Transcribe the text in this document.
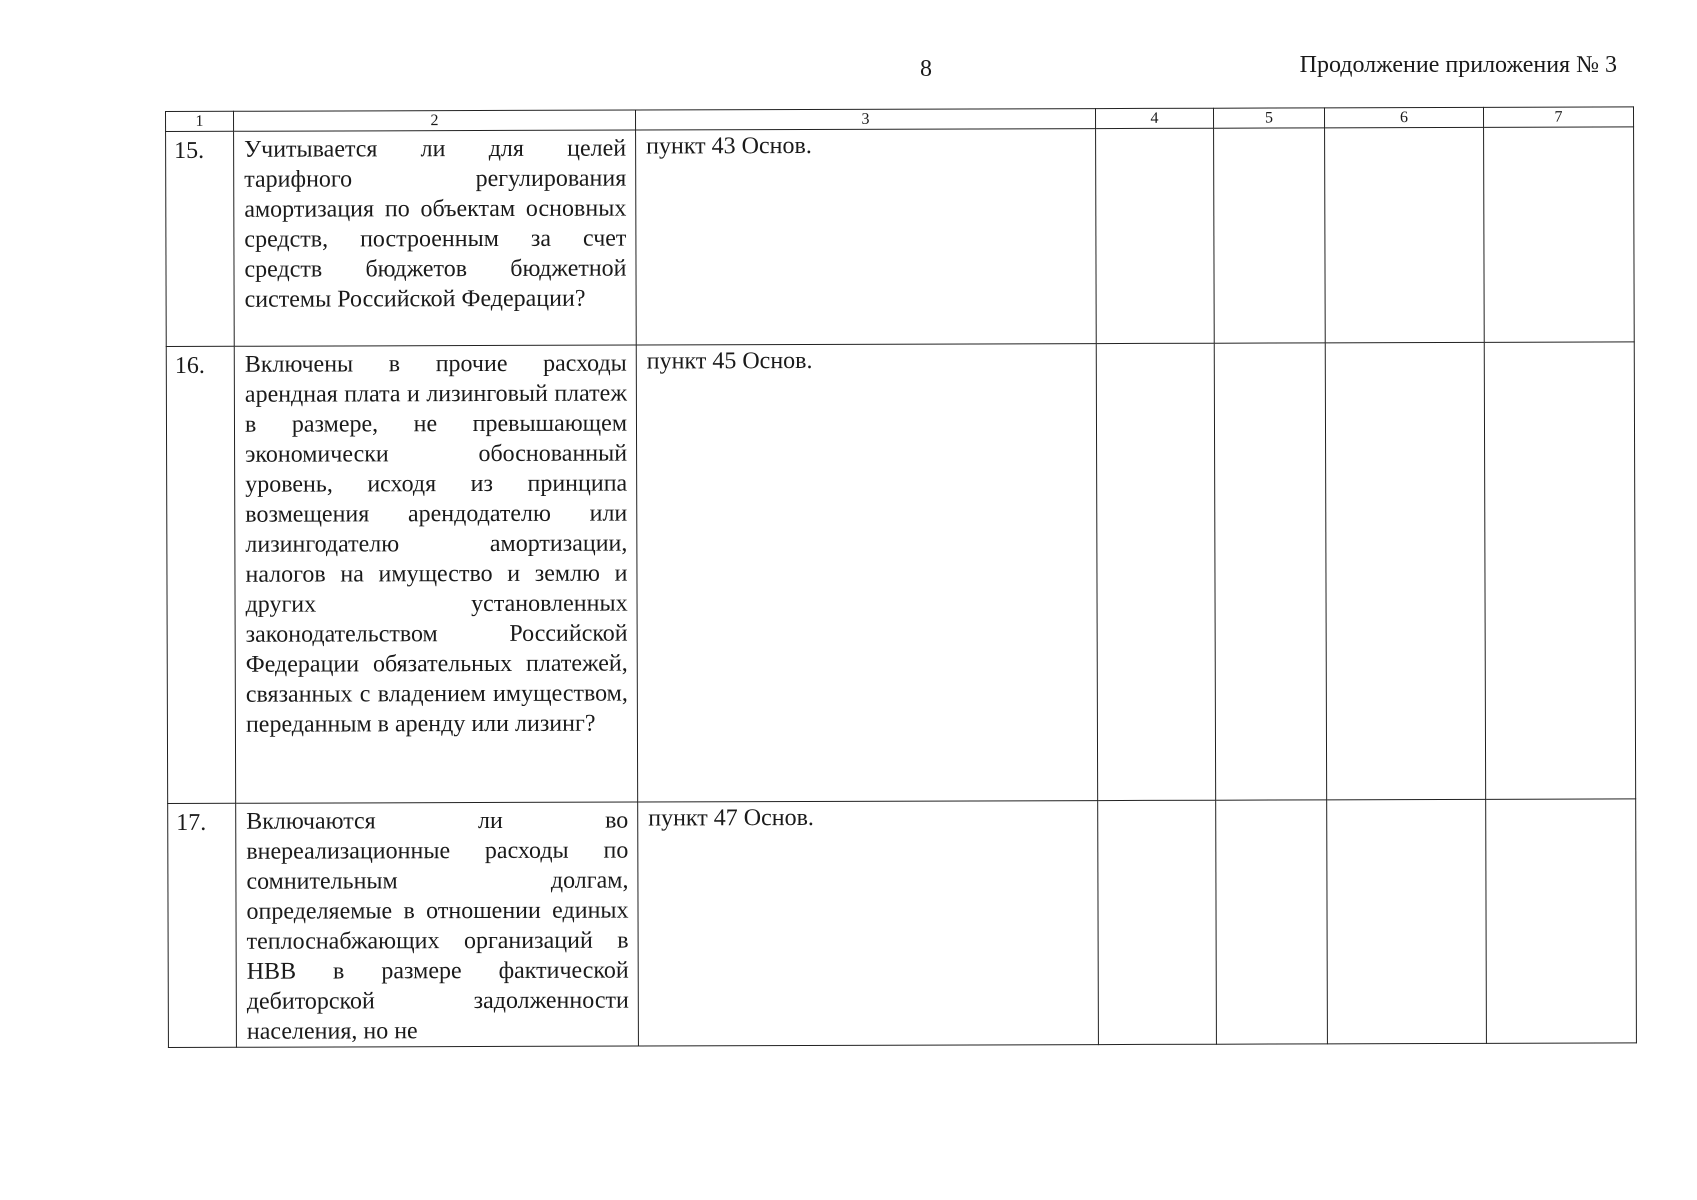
8	Продолжение приложения № 3
1	2	3	4	5	6	7
15.	Учитывается ли для целей тарифного регулирования амортизация по объектам основных средств, построенным за счет средств бюджетов бюджетной системы Российской Федерации?	пункт 43 Основ.				
16.	Включены в прочие расходы арендная плата и лизинговый платеж в размере, не превышающем экономически обоснованный уровень, исходя из принципа возмещения арендодателю или лизингодателю амортизации, налогов на имущество и землю и других установленных законодательством Российской Федерации обязательных платежей, связанных с владением имуществом, переданным в аренду или лизинг?	пункт 45 Основ.				
17.	Включаются ли во внереализационные расходы по сомнительным долгам, определяемые в отношении единых теплоснабжающих организаций в НВВ в размере фактической дебиторской задолженности населения, но не	пункт 47 Основ.				
